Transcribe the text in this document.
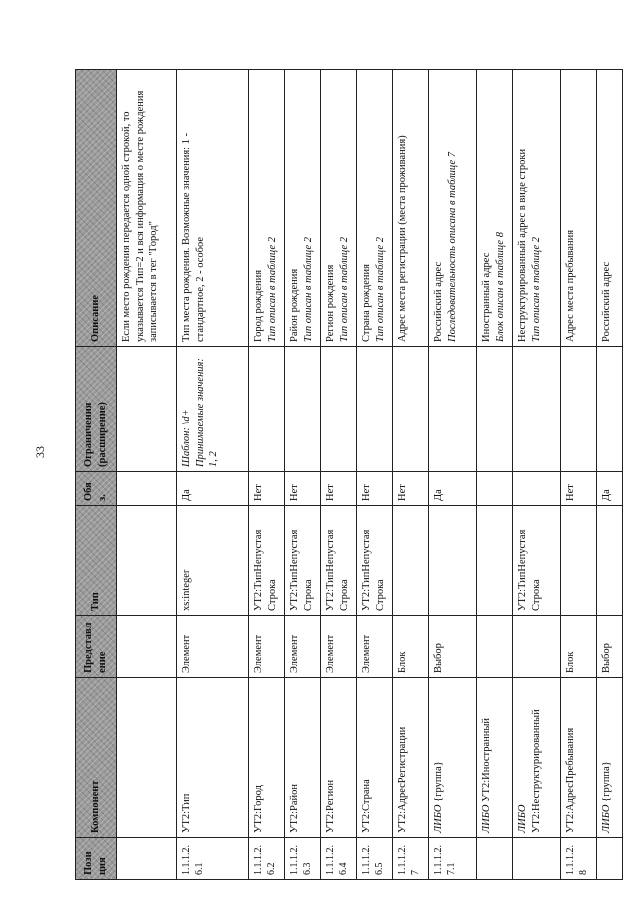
33
Пози ция	Компонент	Представл ение	Тип	Обя з.	Ограничения (расширение)	Описание
						Если место рождения передается одной строкой, то указывается Тип=2 и вся информация о месте рождения записывается в тег "Город"
1.1.1.2. 6.1	УТ2:Тип	Элемент	xs:integer	Да	Шаблон: \d+ Принимаемые значения: 1, 2	Тип места рождения. Возможные значения: 1 - стандартное, 2 - особое
1.1.1.2. 6.2	УТ2:Город	Элемент	УТ2:ТипНепустая Строка	Нет		Город рождения Тип описан в таблице 2

1.1.1.2. 6.3	УТ2:Район	Элемент	УТ2:ТипНепустая Строка	Нет		Район рождения Тип описан в таблице 2

1.1.1.2. 6.4	УТ2:Регион	Элемент	УТ2:ТипНепустая Строка	Нет		Регион рождения Тип описан в таблице 2

1.1.1.2. 6.5	УТ2:Страна	Элемент	УТ2:ТипНепустая Строка	Нет		Страна рождения Тип описан в таблице 2

1.1.1.2. 7	УТ2:АдресРегистрации	Блок		Нет		Адрес места регистрации (места проживания)
1.1.1.2. 7.1	ЛИБО {группа}	Выбор		Да		Российский адрес Последовательность описана в таблице 7

	ЛИБО УТ2:Иностранный					Иностранный адрес Блок описан в таблице 8

	ЛИБО УТ2:Неструктурированный		УТ2:ТипНепустая Строка			Неструктурированный адрес в виде строки Тип описан в таблице 2

1.1.1.2. 8	УТ2:АдресПребывания	Блок		Нет		Адрес места пребывания
	ЛИБО {группа}	Выбор		Да		Российский адрес
